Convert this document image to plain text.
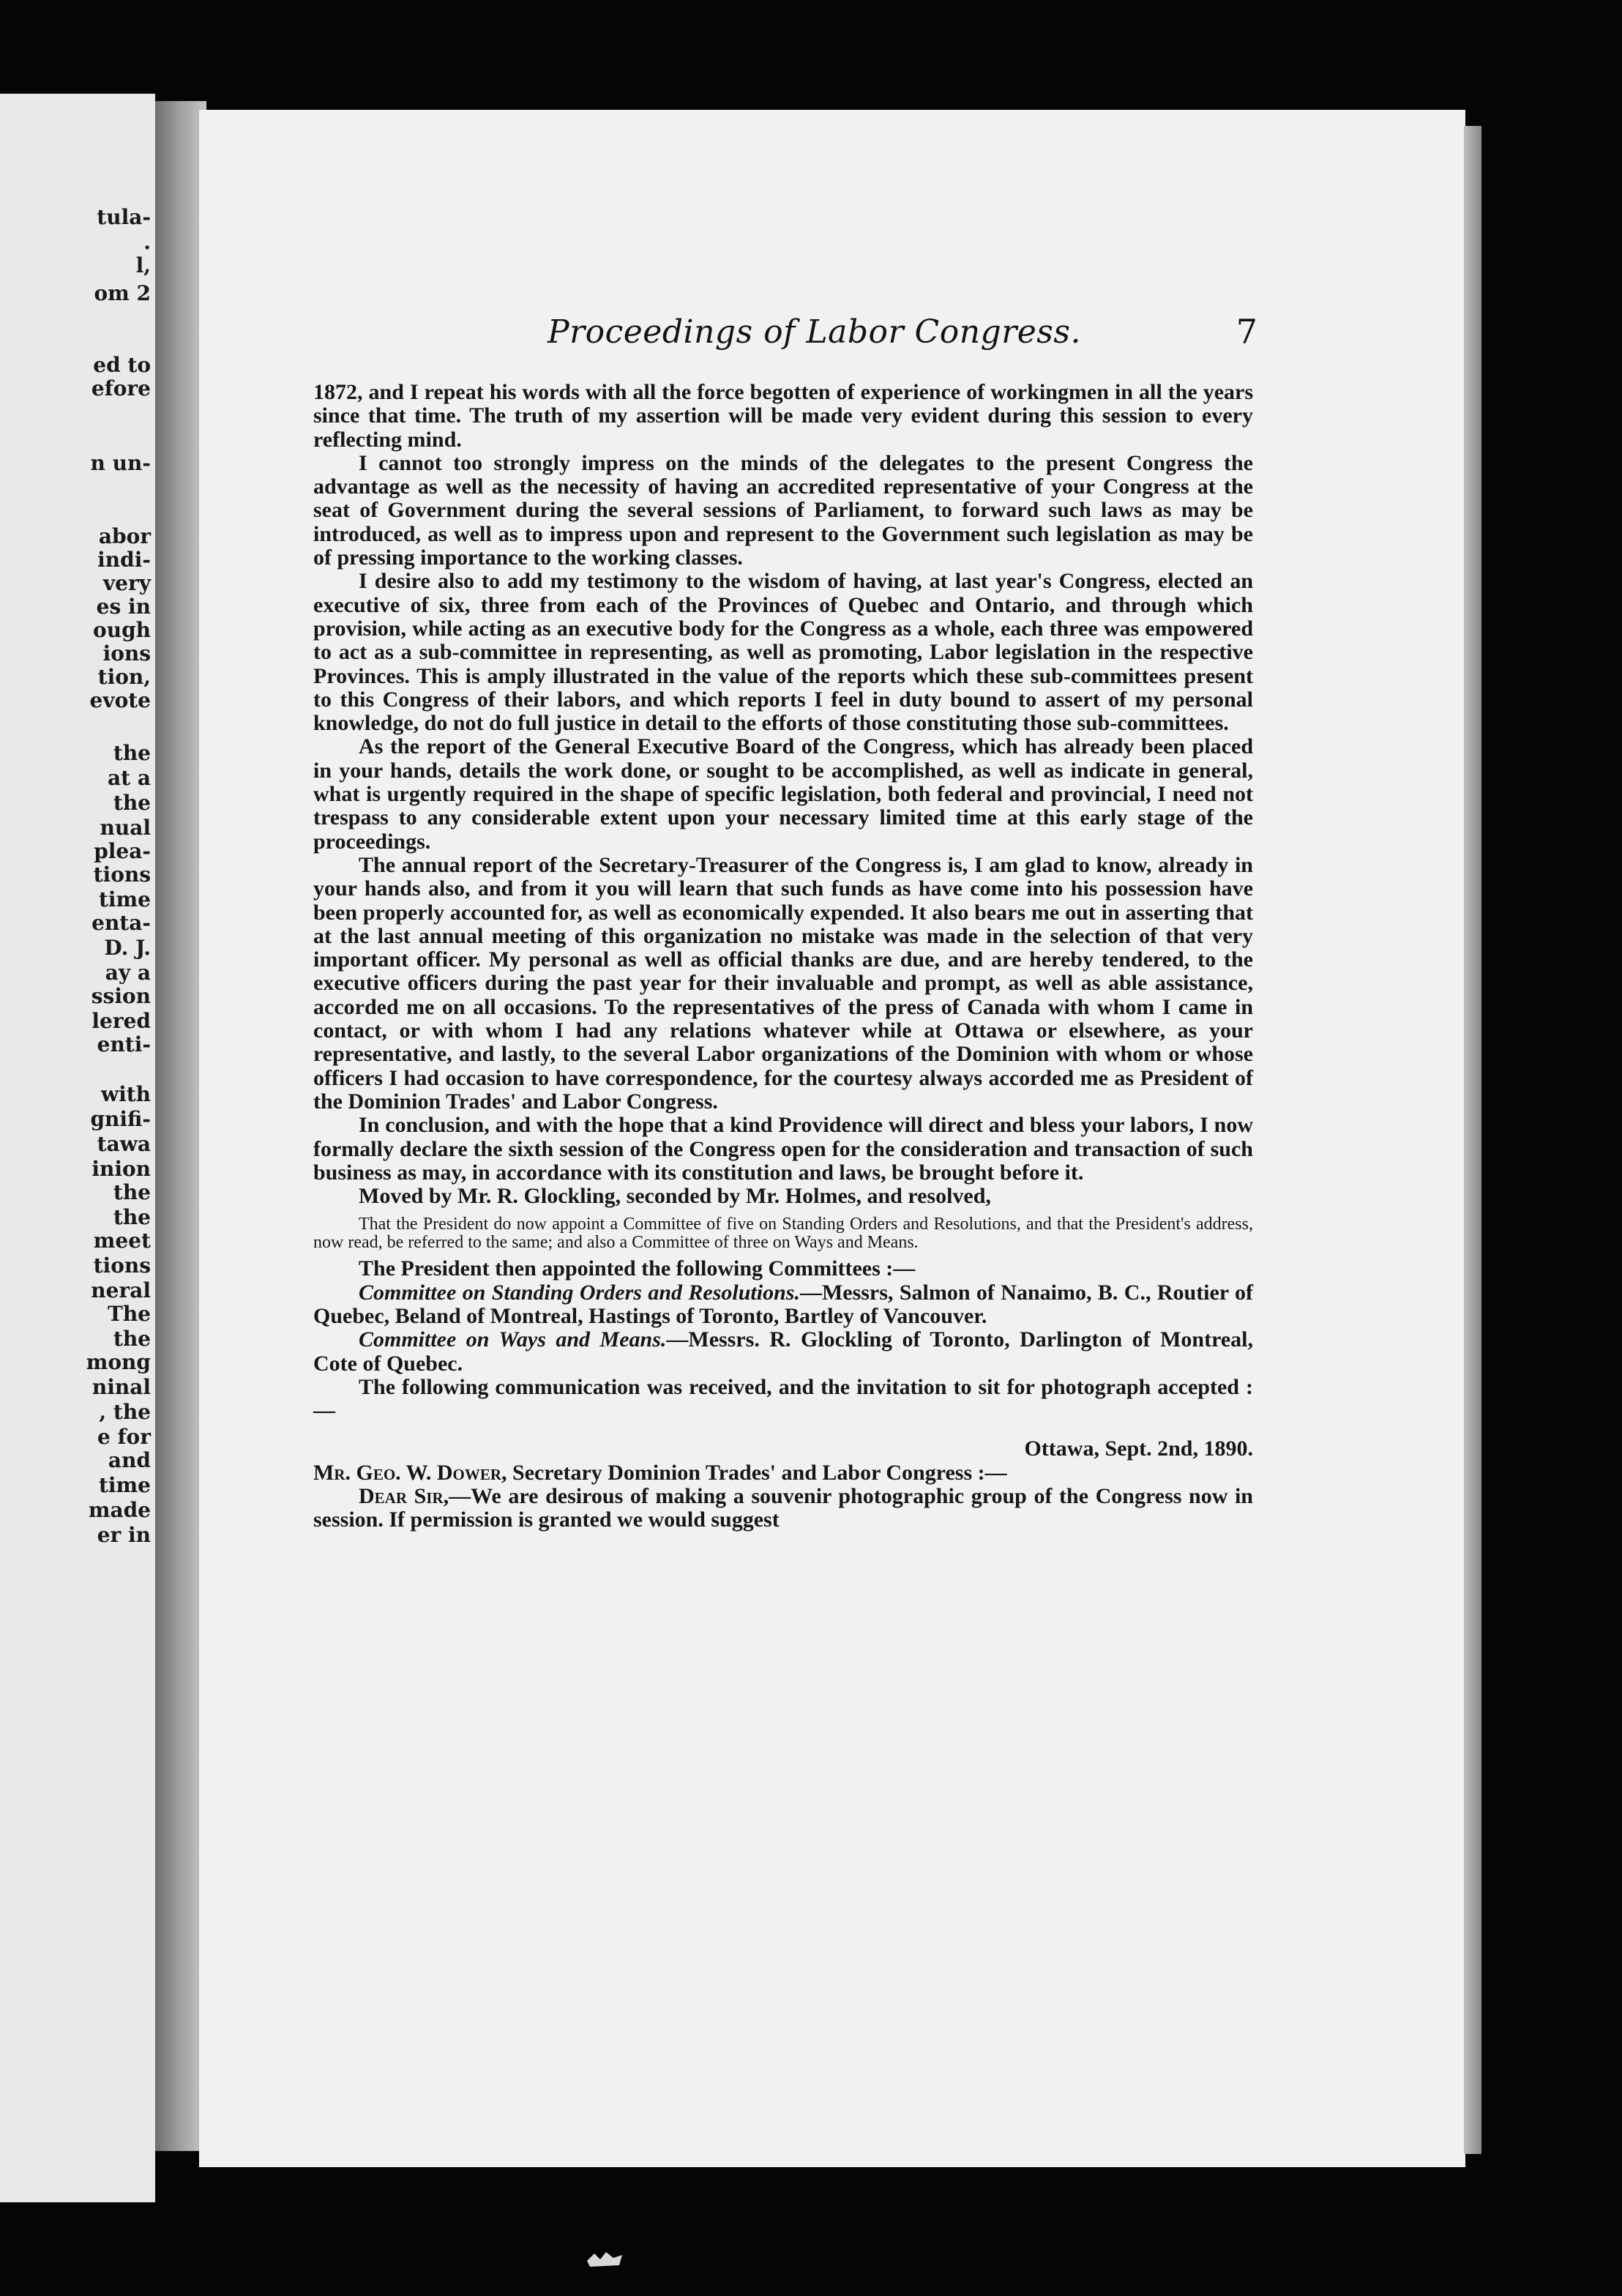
tula-
.
l,
om 2
ed to
efore
n un-
abor
indi-
very
es in
ough
ions
tion,
evote
the
at a
the
nual
plea-
tions
time
enta-
D. J.
ay a
ssion
lered
enti-
with
gnifi-
tawa
inion
the
the
meet
tions
neral
The
the
mong
ninal
, the
e for
and
time
made
er in
Proceedings of Labor Congress.	7

1872, and I repeat his words with all the force begotten of experience of workingmen in all the years since that time. The truth of my assertion will be made very evident during this session to every reflecting mind.

I cannot too strongly impress on the minds of the delegates to the present Congress the advantage as well as the necessity of having an accredited representative of your Congress at the seat of Government during the several sessions of Parliament, to forward such laws as may be introduced, as well as to impress upon and represent to the Government such legislation as may be of pressing importance to the working classes.

I desire also to add my testimony to the wisdom of having, at last year's Congress, elected an executive of six, three from each of the Provinces of Quebec and Ontario, and through which provision, while acting as an executive body for the Congress as a whole, each three was empowered to act as a sub-committee in representing, as well as promoting, Labor legislation in the respective Provinces. This is amply illustrated in the value of the reports which these sub-committees present to this Congress of their labors, and which reports I feel in duty bound to assert of my personal knowledge, do not do full justice in detail to the efforts of those constituting those sub-committees.

As the report of the General Executive Board of the Congress, which has already been placed in your hands, details the work done, or sought to be accomplished, as well as indicate in general, what is urgently required in the shape of specific legislation, both federal and provincial, I need not trespass to any considerable extent upon your necessary limited time at this early stage of the proceedings.

The annual report of the Secretary-Treasurer of the Congress is, I am glad to know, already in your hands also, and from it you will learn that such funds as have come into his possession have been properly accounted for, as well as economically expended. It also bears me out in asserting that at the last annual meeting of this organization no mistake was made in the selection of that very important officer. My personal as well as official thanks are due, and are hereby tendered, to the executive officers during the past year for their invaluable and prompt, as well as able assistance, accorded me on all occasions. To the representatives of the press of Canada with whom I came in contact, or with whom I had any relations whatever while at Ottawa or elsewhere, as your representative, and lastly, to the several Labor organizations of the Dominion with whom or whose officers I had occasion to have correspondence, for the courtesy always accorded me as President of the Dominion Trades' and Labor Congress.

In conclusion, and with the hope that a kind Providence will direct and bless your labors, I now formally declare the sixth session of the Congress open for the consideration and transaction of such business as may, in accordance with its constitution and laws, be brought before it.

Moved by Mr. R. Glockling, seconded by Mr. Holmes, and resolved,

That the President do now appoint a Committee of five on Standing Orders and Resolutions, and that the President's address, now read, be referred to the same; and also a Committee of three on Ways and Means.

The President then appointed the following Committees :—

Committee on Standing Orders and Resolutions.—Messrs, Salmon of Nanaimo, B. C., Routier of Quebec, Beland of Montreal, Hastings of Toronto, Bartley of Vancouver.

Committee on Ways and Means.—Messrs. R. Glockling of Toronto, Darlington of Montreal, Cote of Quebec.

The following communication was received, and the invitation to sit for photograph accepted :—

Ottawa, Sept. 2nd, 1890.

Mr. Geo. W. Dower, Secretary Dominion Trades' and Labor Congress :—

Dear Sir,—We are desirous of making a souvenir photographic group of the Congress now in session. If permission is granted we would suggest
